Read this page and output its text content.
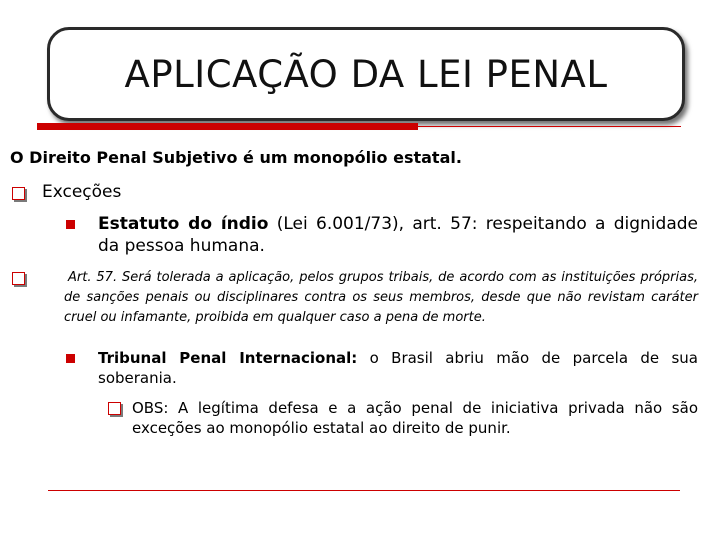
APLICAÇÃO DA LEI PENAL
O Direito Penal Subjetivo é um monopólio estatal.
Exceções
Estatuto do índio (Lei 6.001/73), art. 57: respeitando a dignidade da pessoa humana.
Art. 57. Será tolerada a aplicação, pelos grupos tribais, de acordo com as instituições próprias, de sanções penais ou disciplinares contra os seus membros, desde que não revistam caráter cruel ou infamante, proibida em qualquer caso a pena de morte.
Tribunal Penal Internacional: o Brasil abriu mão de parcela de sua soberania.
OBS: A legítima defesa e a ação penal de iniciativa privada não são exceções ao monopólio estatal ao direito de punir.
